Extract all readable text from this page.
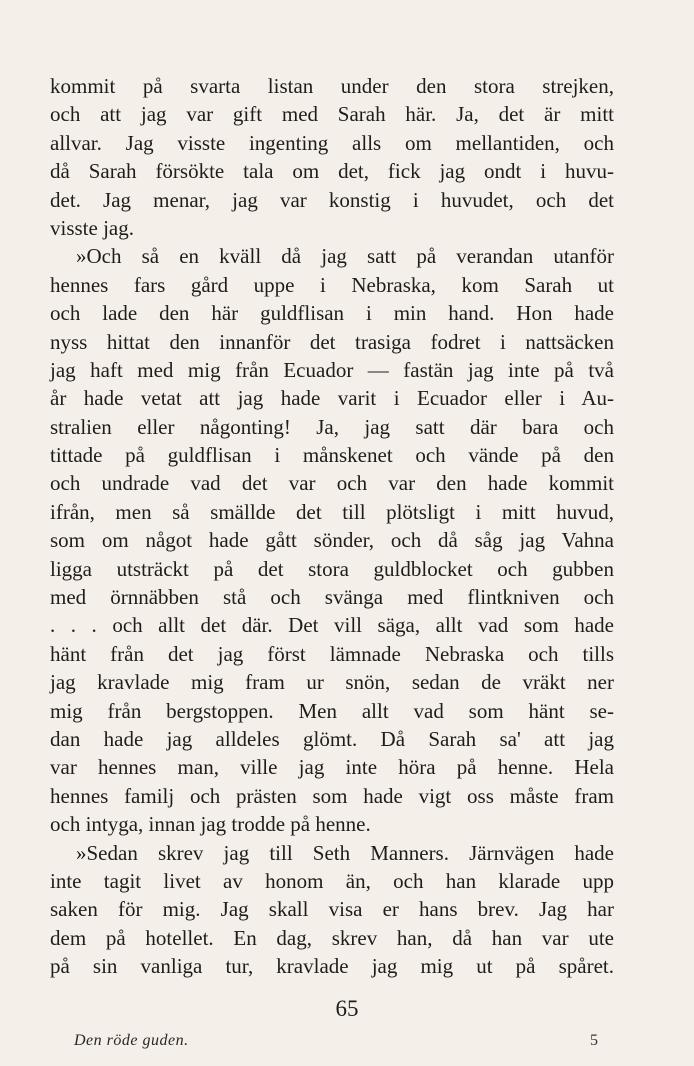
kommit på svarta listan under den stora strejken,
och att jag var gift med Sarah här. Ja, det är mitt
allvar. Jag visste ingenting alls om mellantiden, och
då Sarah försökte tala om det, fick jag ondt i huvu-
det. Jag menar, jag var konstig i huvudet, och det
visste jag.
»Och så en kväll då jag satt på verandan utanför
hennes fars gård uppe i Nebraska, kom Sarah ut
och lade den här guldflisan i min hand. Hon hade
nyss hittat den innanför det trasiga fodret i nattsäcken
jag haft med mig från Ecuador — fastän jag inte på två
år hade vetat att jag hade varit i Ecuador eller i Au-
stralien eller någonting! Ja, jag satt där bara och
tittade på guldflisan i månskenet och vände på den
och undrade vad det var och var den hade kommit
ifrån, men så smällde det till plötsligt i mitt huvud,
som om något hade gått sönder, och då såg jag Vahna
ligga utsträckt på det stora guldblocket och gubben
med örnnäbben stå och svänga med flintkniven och
. . . och allt det där. Det vill säga, allt vad som hade
hänt från det jag först lämnade Nebraska och tills
jag kravlade mig fram ur snön, sedan de vräkt ner
mig från bergstoppen. Men allt vad som hänt se-
dan hade jag alldeles glömt. Då Sarah sa' att jag
var hennes man, ville jag inte höra på henne. Hela
hennes familj och prästen som hade vigt oss måste fram
och intyga, innan jag trodde på henne.
»Sedan skrev jag till Seth Manners. Järnvägen hade
inte tagit livet av honom än, och han klarade upp
saken för mig. Jag skall visa er hans brev. Jag har
dem på hotellet. En dag, skrev han, då han var ute
på sin vanliga tur, kravlade jag mig ut på spåret.
65
Den röde guden.	5
